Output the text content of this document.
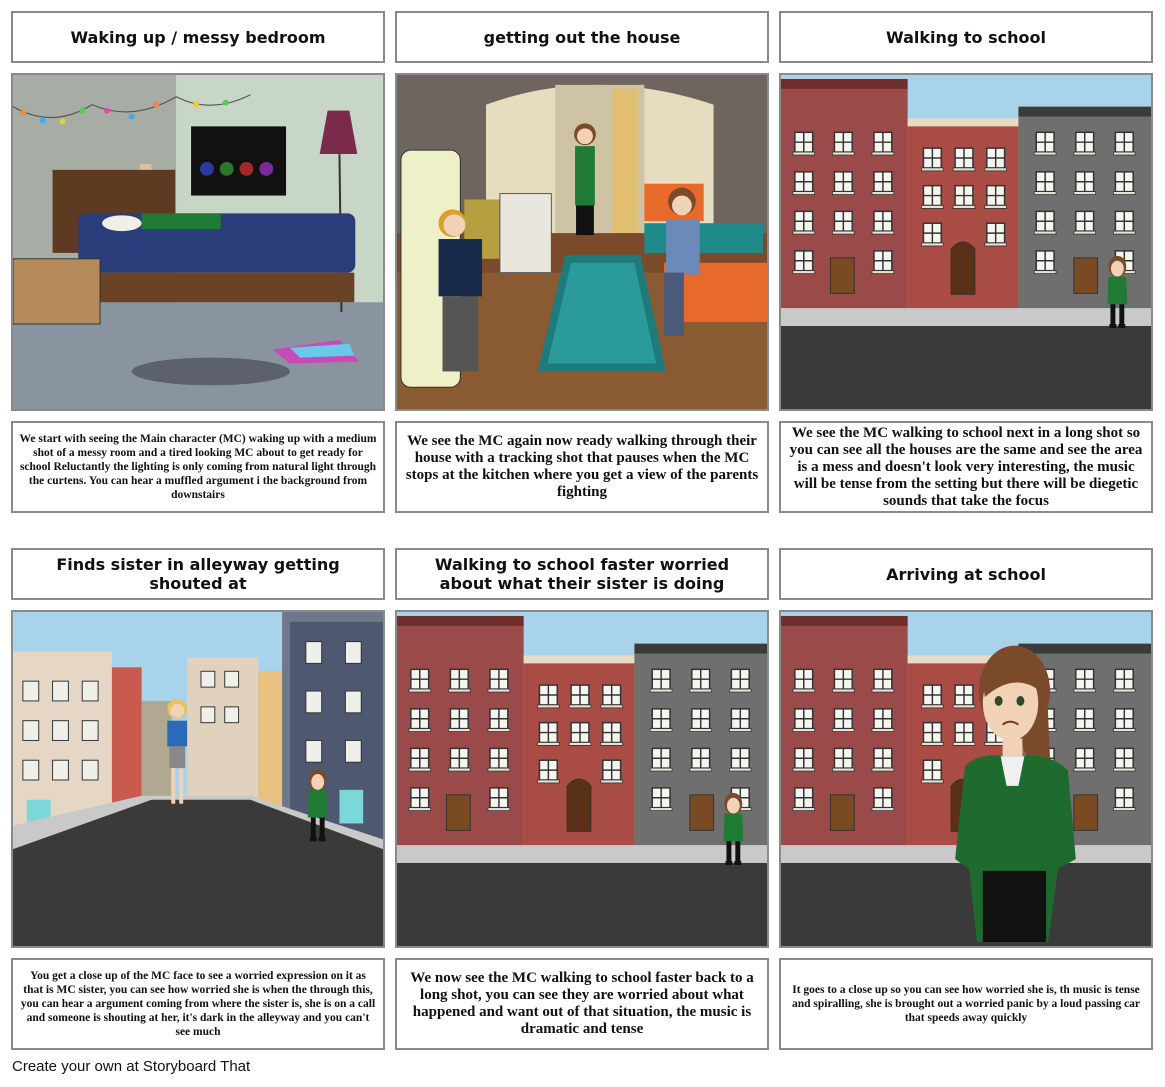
Waking up / messy bedroom	getting out the house	Walking to school
We start with seeing the Main character (MC) waking up with a medium shot of a messy room and a tired looking MC about to get ready for school Reluctantly the lighting is only coming from natural light through the curtens. You can hear a muffled argument i the background from downstairs
We see the MC again now ready walking through their house with a tracking shot that pauses when the MC stops at the kitchen where you get a view of the parents fighting
We see the MC walking to school next in a long shot so you can see all the houses are the same and see the area is a mess and doesn't look very interesting, the music will be tense from the setting but there will be diegetic sounds that take the focus
Finds sister in alleyway getting shouted at
Walking to school faster worried about what their sister is doing	Arriving at school
You get a close up of the MC face to see a worried expression on it as that is MC sister, you can see how worried she is when the through this, you can hear a argument coming from where the sister is, she is on a call and someone is shouting at her, it's dark in the alleyway and you can't see much
We now see the MC walking to school faster back to a long shot, you can see they are worried about what happened and want out of that situation, the music is dramatic and tense
It goes to a close up so you can see how worried she is, th music is tense and spiralling, she is brought out a worried panic by a loud passing car that speeds away quickly
Create your own at Storyboard That
